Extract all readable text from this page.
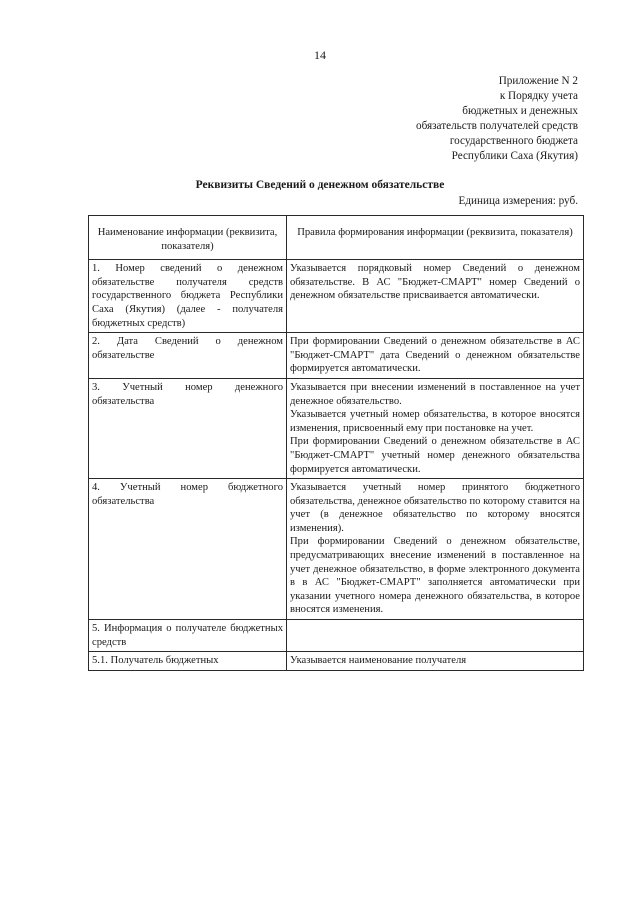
14
Приложение N 2
к Порядку учета
бюджетных и денежных
обязательств получателей средств
государственного бюджета
Республики Саха (Якутия)
Реквизиты Сведений о денежном обязательстве
Единица измерения: руб.
Наименование информации (реквизита, показателя)	Правила формирования информации (реквизита, показателя)
1. Номер сведений о денежном обязательстве получателя средств государственного бюджета Республики Саха (Якутия) (далее - получателя бюджетных средств)	Указывается порядковый номер Сведений о денежном обязательстве. В АС "Бюджет-СМАРТ" номер Сведений о денежном обязательстве присваивается автоматически.

2. Дата Сведений о денежном обязательстве	При формировании Сведений о денежном обязательстве в АС "Бюджет-СМАРТ" дата Сведений о денежном обязательстве формируется автоматически.

3. Учетный номер денежного обязательства	Указывается при внесении изменений в поставленное на учет денежное обязательство.

Указывается учетный номер обязательства, в которое вносятся изменения, присвоенный ему при постановке на учет.

При формировании Сведений о денежном обязательстве в АС "Бюджет-СМАРТ" учетный номер денежного обязательства формируется автоматически.

4. Учетный номер бюджетного обязательства	Указывается учетный номер принятого бюджетного обязательства, денежное обязательство по которому ставится на учет (в денежное обязательство по которому вносятся изменения).

При формировании Сведений о денежном обязательстве, предусматривающих внесение изменений в поставленное на учет денежное обязательство, в форме электронного документа в в АС "Бюджет-СМАРТ" заполняется автоматически при указании учетного номера денежного обязательства, в которое вносятся изменения.

5. Информация о получателе бюджетных средств	
5.1. Получатель бюджетных	Указывается наименование получателя
